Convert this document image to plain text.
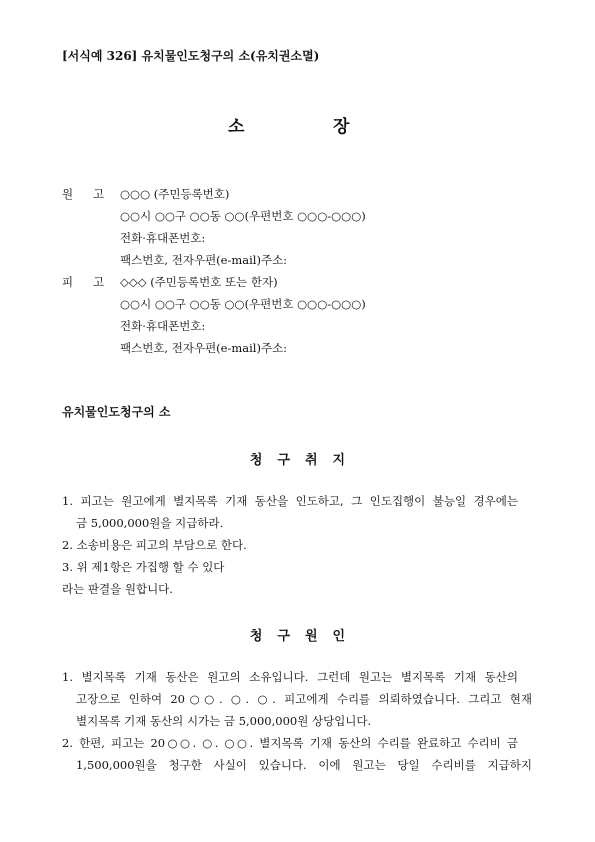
[서식예 326] 유치물인도청구의 소(유치권소멸)
소	장
원 고 ○○○ (주민등록번호)
○○시 ○○구 ○○동 ○○(우편번호 ○○○-○○○)
전화·휴대폰번호:
팩스번호, 전자우편(e-mail)주소:
피 고 ◇◇◇ (주민등록번호 또는 한자)
○○시 ○○구 ○○동 ○○(우편번호 ○○○-○○○)
전화·휴대폰번호:
팩스번호, 전자우편(e-mail)주소:
유치물인도청구의 소
청구취지
1. 피고는 원고에게 별지목록 기재 동산을 인도하고, 그 인도집행이 불능일 경우에는
금 5,000,000원을 지급하라.
2. 소송비용은 피고의 부담으로 한다.
3. 위 제1항은 가집행 할 수 있다
라는 판결을 원합니다.
청구원인
1. 별지목록 기재 동산은 원고의 소유입니다. 그런데 원고는 별지목록 기재 동산의
고장으로 인하여 20○○. ○. ○. 피고에게 수리를 의뢰하였습니다. 그리고 현재
별지목록 기재 동산의 시가는 금 5,000,000원 상당입니다.
2. 한편, 피고는 20○○. ○. ○○. 별지목록 기재 동산의 수리를 완료하고 수리비 금
1,500,000원을 청구한 사실이 있습니다. 이에 원고는 당일 수리비를 지급하지
